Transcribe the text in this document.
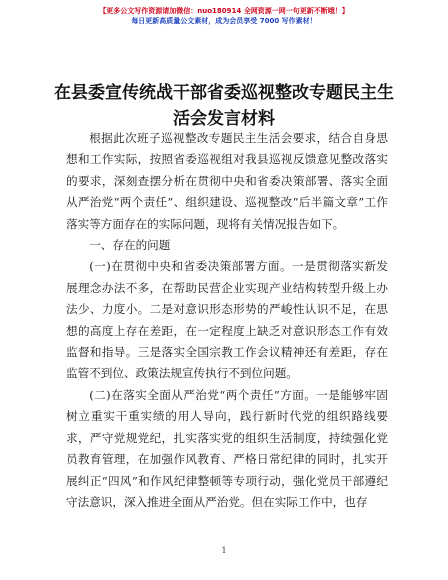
【更多公文写作资源请加微信：nuo180914 全网资源一网一句更新不断哦！】
每日更新高质量公文素材，成为会员享受 7000 写作素材！
在县委宣传统战干部省委巡视整改专题民主生
活会发言材料

根据此次班子巡视整改专题民主生活会要求，结合自身思想和工作实际，按照省委巡视组对我县巡视反馈意见整改落实的要求，深刻查摆分析在贯彻中央和省委决策部署、落实全面从严治党“两个责任”、组织建设、巡视整改“后半篇文章”工作落实等方面存在的实际问题，现将有关情况报告如下。

一、存在的问题

(一)在贯彻中央和省委决策部署方面。一是贯彻落实新发展理念办法不多，在帮助民营企业实现产业结构转型升级上办法少、力度小。二是对意识形态形势的严峻性认识不足，在思想的高度上存在差距，在一定程度上缺乏对意识形态工作有效监督和指导。三是落实全国宗教工作会议精神还有差距，存在监管不到位、政策法规宣传执行不到位问题。

(二)在落实全面从严治党“两个责任”方面。一是能够牢固树立重实干重实绩的用人导向，践行新时代党的组织路线要求，严守党规党纪，扎实落实党的组织生活制度，持续强化党员教育管理，在加强作风教育、严格日常纪律的同时，扎实开展纠正“四风”和作风纪律整顿等专项行动，强化党员干部遵纪守法意识，深入推进全面从严治党。但在实际工作中，也存

1
